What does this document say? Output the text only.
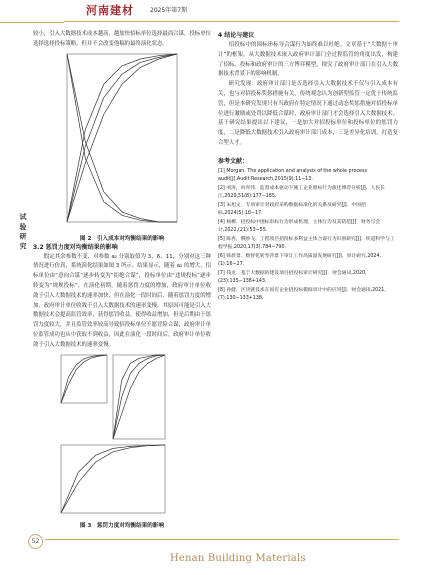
河南建材	2025年第7期
试验研究

较小，引入大数据技术成本越高，越加快招标单位选择最商合谋，投标单位选择选择投标策略。但并不会改变他稿的最终演化状态。

图 2　引入成本对均衡结果的影响
3.2 惩罚力度对均衡结果的影响

假定其余参数不变，对参数 a₂ 分别取值为 3、6、11，分别对这三种情况进行仿真，系统演化结果如图 3 所示。结果显示，随着 a₂ 的增大，招标单位由“意向合谋”逐步转变为“拒绝合谋”，投标单位由“违规投标”逐步转变为“规规投标”。在演化初期，随着惩罚力度的增加，政府审计单位收敛于引入大数据技术的速率加快，但在演化一段时间后，随着惩罚力度的增加，政府审计单位收敛于引入大数据技术的速率变慢。其原因可能是引入大数据技术会提高监管效率，获得惩罚收益，使得收益增加，但是后期由于惩罚力度较大，并且监管效率较高导致招投标单位不愿冒险合谋，政府审计单位监管成功也从中获取不到收益，因此在演化一段时间后，政府审计单位收敛于引入大数据技术的速率变慢。

图 3　惩罚力度对均衡结果的影响
4 结论与建议

招投标中的围标串标导合谋行为始终难以杜绝。文章基于“大数据＋审计”的框架，从大数据技术嵌入政府审计部门全过程监管的角度出发，构建了招标、投标和政府审计的三方博弈模型，探究了政府审计部门在引入大数据技术背景下的影响机制。

研究发现：政府审计部门是否选择引入大数据技术不仅与引入成本有关，也与对招投标奖惩措施有关，传统观念认为创新型监管一定优于传统监管，但是本研究发现只有当政府在特定情况下通过动态奖惩措施对招投标单位进行激励或处罚以降低合谋时，政府审计部门才会选择引入大数据技术。基于研究结果提出以下建议，一是加大对招投标单位和投标单位的惩罚力度，二是降低大数据技术引入政府审计部门成本，三是差异化培训，打造复合型人才。

参考文献：
[1] Morgan. The application and analysis of the whole process audit[J].Audit Research,2015(9):11−13.
[2] 刘涛，何青伟．监督成本驱动下施工企业围标行为演化博弈分析[J]．人民长江,2020,51(8):177−185.
[3] 朱旭文．专项审计对政府采购数据标准化的关系及研究[J]．中国招标,2024(5):16−17.
[4] 杨柳．招投标中围标串标行为形成机理、主体行为及其防范[J]．财务与会计,2022,(21):53−55.
[5] 陈冉，俄妙飞．工程项目招投标多利益主体合谋行为识别研究[J]．铁道科学与工程学报,2020,17(3):784−790.
[6] 韩晨景．数智化转型背景下审计工作高质量发展研究[J]．审计研究,2024,(1):16−27.
[7] 钱龙．基于大数据的建设项目招投标审计研究[J]．财会通讯,2020,(23):135−138+143.
[8] 孙健．区块链技术在国有企业招投标模拟审计中的应用[J]．财会通讯,2021,(7):130−133+138.
52
Henan Building Materials
